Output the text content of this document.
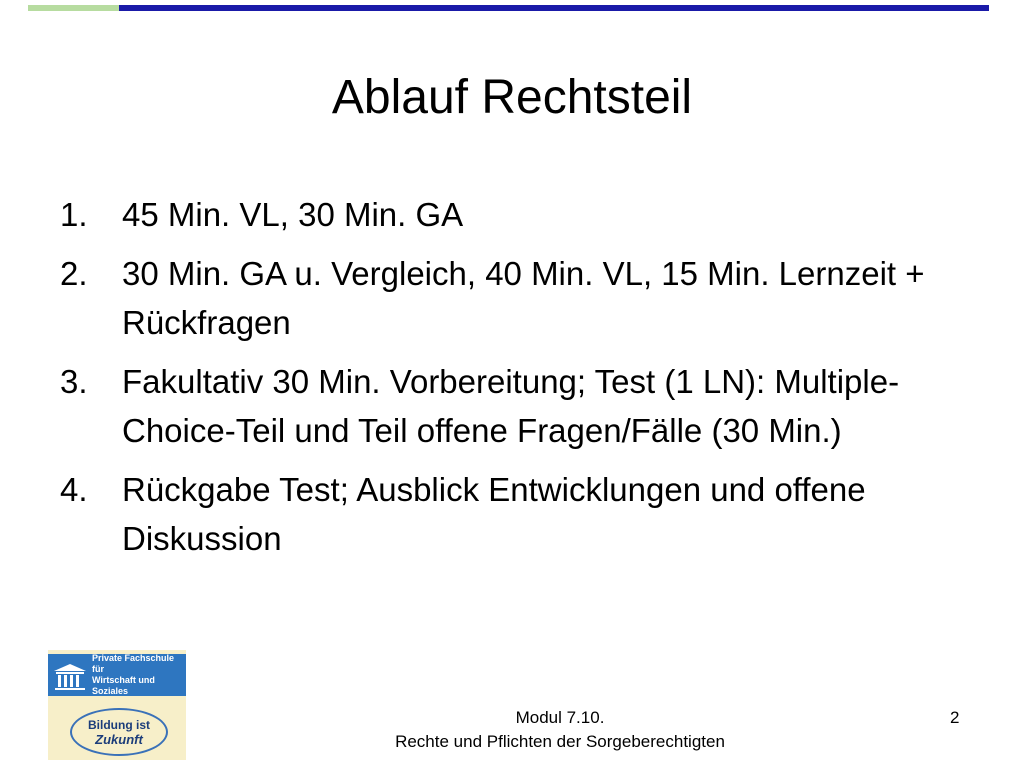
Ablauf Rechtsteil
1.	45 Min. VL, 30 Min. GA
2.	30 Min. GA u. Vergleich, 40 Min. VL, 15 Min. Lernzeit + Rückfragen
3.	Fakultativ 30 Min. Vorbereitung; Test (1 LN): Multiple-Choice-Teil und Teil offene Fragen/Fälle (30 Min.)
4.	Rückgabe Test; Ausblick Entwicklungen und offene Diskussion
Private Fachschule für
Wirtschaft und Soziales
Bildung ist
Zukunft
Modul 7.10.
Rechte und Pflichten der Sorgeberechtigten
2
